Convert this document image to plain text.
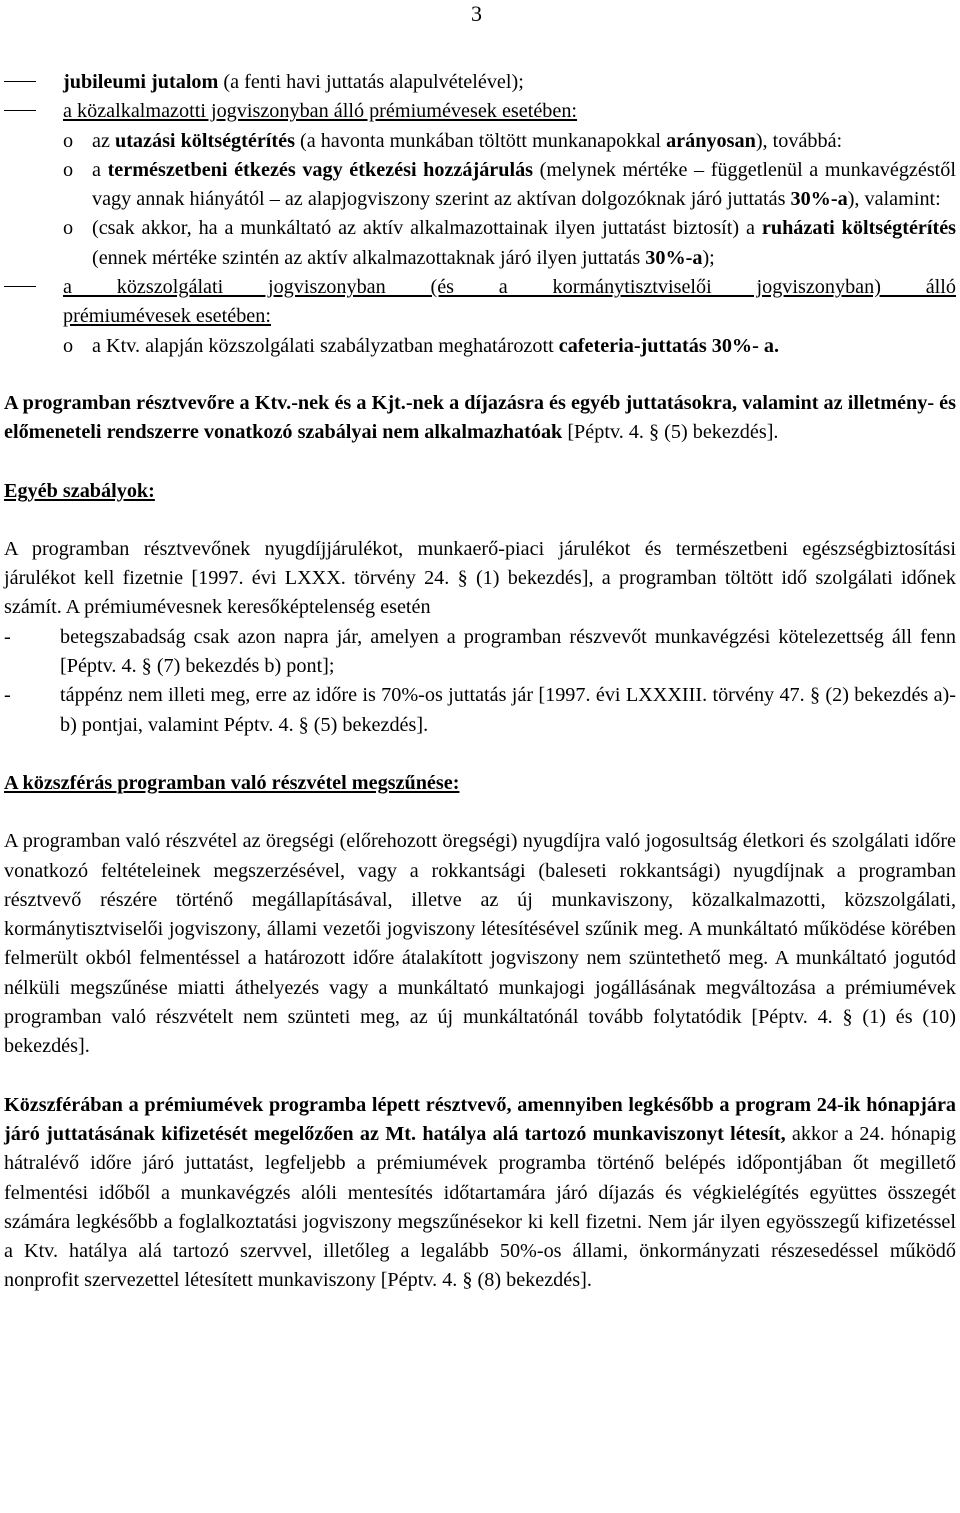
3
jubileumi jutalom (a fenti havi juttatás alapulvételével);
a közalkalmazotti jogviszonyban álló prémiumévesek esetében:
o az utazási költségtérítés (a havonta munkában töltött munkanapokkal arányosan), továbbá:
o a természetbeni étkezés vagy étkezési hozzájárulás (melynek mértéke – függetlenül a munkavégzéstől vagy annak hiányától – az alapjogviszony szerint az aktívan dolgozóknak járó juttatás 30%-a), valamint:
o (csak akkor, ha a munkáltató az aktív alkalmazottainak ilyen juttatást biztosít) a ruházati költségtérítés (ennek mértéke szintén az aktív alkalmazottaknak járó ilyen juttatás 30%-a);
a közszolgálati jogviszonyban (és a kormánytisztviselői jogviszonyban) álló
prémiumévesek esetében:
o a Ktv. alapján közszolgálati szabályzatban meghatározott cafeteria-juttatás 30%- a.

A programban résztvevőre a Ktv.-nek és a Kjt.-nek a díjazásra és egyéb juttatásokra, valamint az illetmény- és előmeneteli rendszerre vonatkozó szabályai nem alkalmazhatóak [Péptv. 4. § (5) bekezdés].

Egyéb szabályok:

A programban résztvevőnek nyugdíjjárulékot, munkaerő-piaci járulékot és természetbeni egészségbiztosítási járulékot kell fizetnie [1997. évi LXXX. törvény 24. § (1) bekezdés], a programban töltött idő szolgálati időnek számít. A prémiumévesnek keresőképtelenség esetén

-	betegszabadság csak azon napra jár, amelyen a programban részvevőt munkavégzési kötelezettség áll fenn [Péptv. 4. § (7) bekezdés b) pont];
-	táppénz nem illeti meg, erre az időre is 70%-os juttatás jár [1997. évi LXXXIII. törvény 47. § (2) bekezdés a)-b) pontjai, valamint Péptv. 4. § (5) bekezdés].

A közszférás programban való részvétel megszűnése:

A programban való részvétel az öregségi (előrehozott öregségi) nyugdíjra való jogosultság életkori és szolgálati időre vonatkozó feltételeinek megszerzésével, vagy a rokkantsági (baleseti rokkantsági) nyugdíjnak a programban résztvevő részére történő megállapításával, illetve az új munkaviszony, közalkalmazotti, közszolgálati, kormánytisztviselői jogviszony, állami vezetői jogviszony létesítésével szűnik meg. A munkáltató működése körében felmerült okból felmentéssel a határozott időre átalakított jogviszony nem szüntethető meg. A munkáltató jogutód nélküli megszűnése miatti áthelyezés vagy a munkáltató munkajogi jogállásának megváltozása a prémiumévek programban való részvételt nem szünteti meg, az új munkáltatónál tovább folytatódik [Péptv. 4. § (1) és (10) bekezdés].

Közszférában a prémiumévek programba lépett résztvevő, amennyiben legkésőbb a program 24-ik hónapjára járó juttatásának kifizetését megelőzően az Mt. hatálya alá tartozó munkaviszonyt létesít, akkor a 24. hónapig hátralévő időre járó juttatást, legfeljebb a prémiumévek programba történő belépés időpontjában őt megillető felmentési időből a munkavégzés alóli mentesítés időtartamára járó díjazás és végkielégítés együttes összegét számára legkésőbb a foglalkoztatási jogviszony megszűnésekor ki kell fizetni. Nem jár ilyen egyösszegű kifizetéssel a Ktv. hatálya alá tartozó szervvel, illetőleg a legalább 50%-os állami, önkormányzati részesedéssel működő nonprofit szervezettel létesített munkaviszony [Péptv. 4. § (8) bekezdés].
